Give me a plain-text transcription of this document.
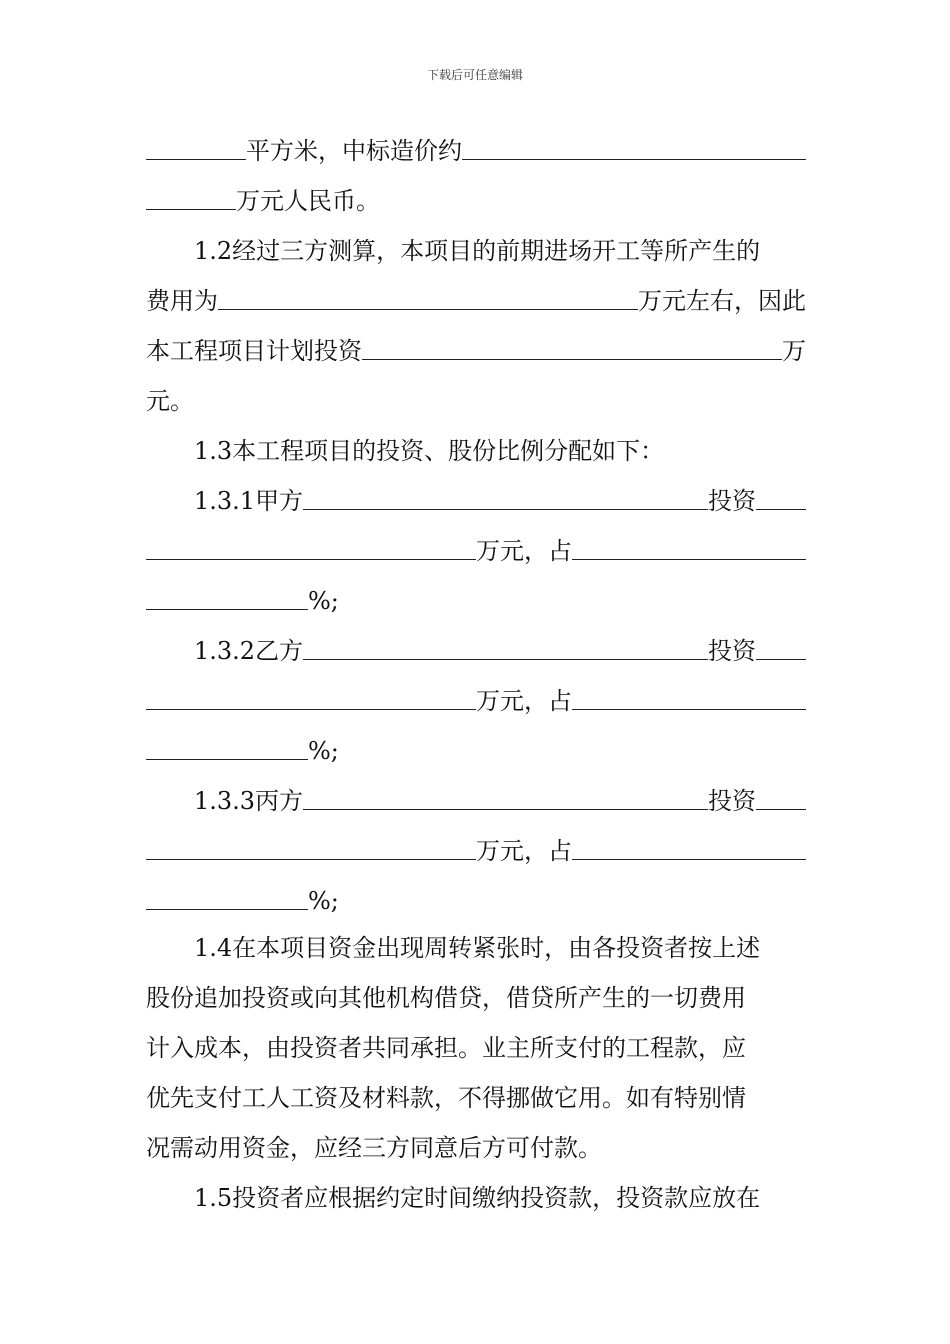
下载后可任意编辑
平方米，中标造价约
万元人民币。
1.2经过三方测算，本项目的前期进场开工等所产生的
费用为	万元左右，因此
本工程项目计划投资	万
元。
1.3本工程项目的投资、股份比例分配如下：
1.3.1甲方	投资
万元，占
%;
1.3.2乙方	投资
万元，占
%;
1.3.3丙方	投资
万元，占
%;
1.4在本项目资金出现周转紧张时，由各投资者按上述
股份追加投资或向其他机构借贷，借贷所产生的一切费用
计入成本，由投资者共同承担。业主所支付的工程款，应
优先支付工人工资及材料款，不得挪做它用。如有特别情
况需动用资金，应经三方同意后方可付款。
1.5投资者应根据约定时间缴纳投资款，投资款应放在
